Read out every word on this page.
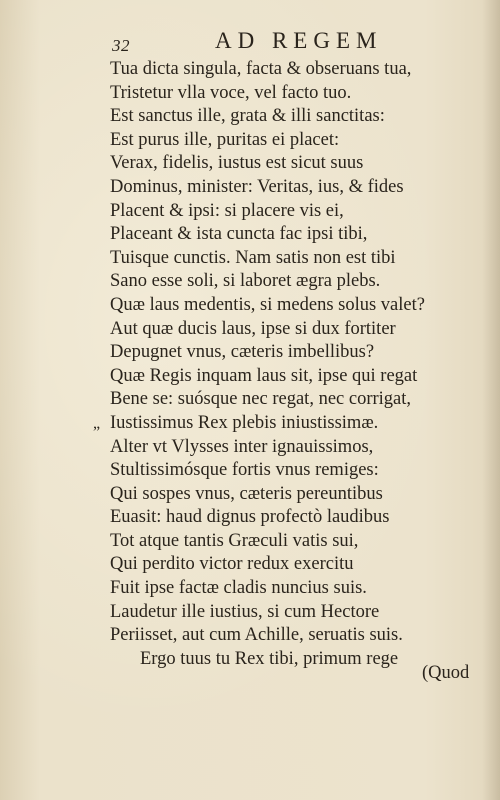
32	AD REGEM
Tua dicta singula, facta & obseruans tua,
Tristetur vlla voce, vel facto tuo.
Est sanctus ille, grata & illi sanctitas:
Est purus ille, puritas ei placet:
Verax, fidelis, iustus est sicut suus
Dominus, minister: Veritas, ius, & fides
Placent & ipsi: si placere vis ei,
Placeant & ista cuncta fac ipsi tibi,
Tuisque cunctis. Nam satis non est tibi
Sano esse soli, si laboret ægra plebs.
Quæ laus medentis, si medens solus valet?
Aut quæ ducis laus, ipse si dux fortiter
Depugnet vnus, cæteris imbellibus?
Quæ Regis inquam laus sit, ipse qui regat
Bene se: suósque nec regat, nec corrigat,
„ Iustissimus Rex plebis iniustissimæ.
Alter vt Vlysses inter ignauissimos,
Stultissimósque fortis vnus remiges:
Qui sospes vnus, cæteris pereuntibus
Euasit: haud dignus profectò laudibus
Tot atque tantis Græculi vatis sui,
Qui perdito victor redux exercitu
Fuit ipse factæ cladis nuncius suis.
Laudetur ille iustius, si cum Hectore
Periisset, aut cum Achille, seruatis suis.
Ergo tuus tu Rex tibi, primum rege
(Quod
